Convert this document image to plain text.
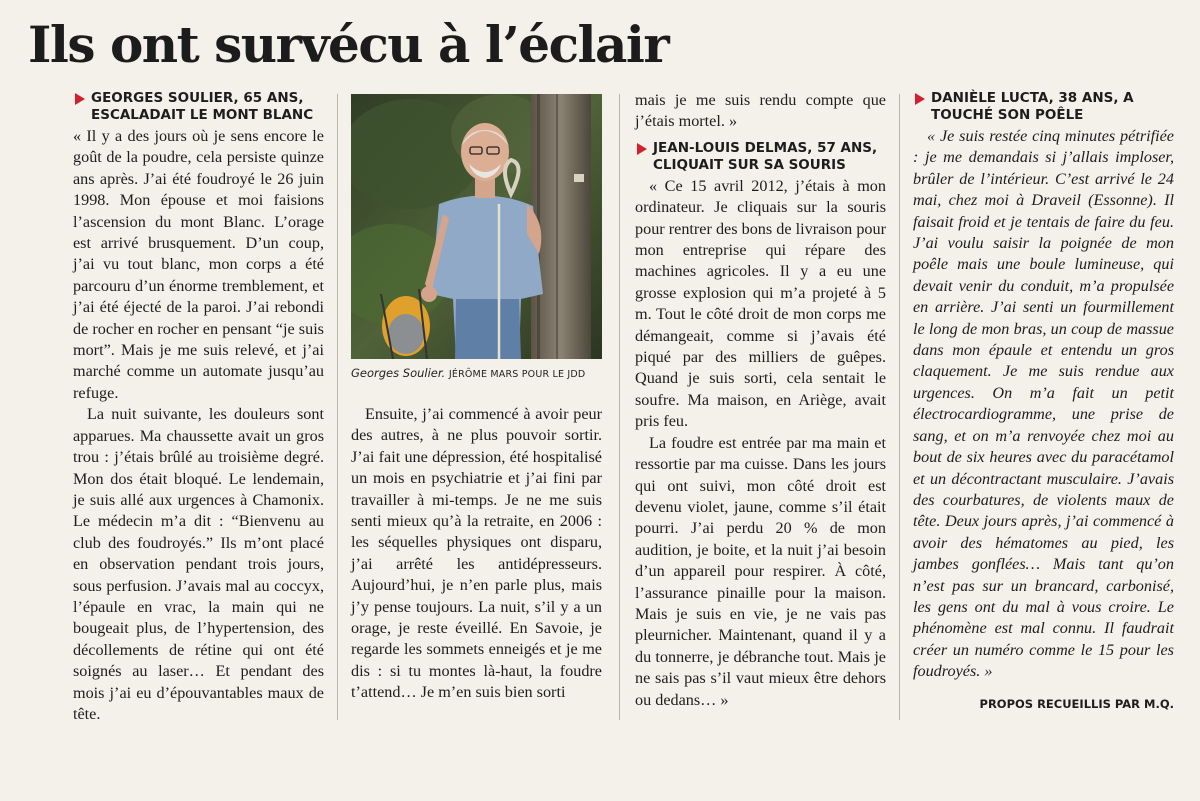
Ils ont survécu à l’éclair
GEORGES SOULIER, 65 ANS, ESCALADAIT LE MONT BLANC

« Il y a des jours où je sens encore le goût de la poudre, cela persiste quinze ans après. J’ai été foudroyé le 26 juin 1998. Mon épouse et moi faisions l’ascension du mont Blanc. L’orage est arrivé brusquement. D’un coup, j’ai vu tout blanc, mon corps a été parcouru d’un énorme tremblement, et j’ai été éjecté de la paroi. J’ai rebondi de rocher en rocher en pensant “je suis mort”. Mais je me suis relevé, et j’ai marché comme un automate jusqu’au refuge.

La nuit suivante, les douleurs sont apparues. Ma chaussette avait un gros trou : j’étais brûlé au troisième degré. Mon dos était bloqué. Le lendemain, je suis allé aux urgences à Chamonix. Le médecin m’a dit : “Bienvenu au club des foudroyés.” Ils m’ont placé en observation pendant trois jours, sous perfusion. J’avais mal au coccyx, l’épaule en vrac, la main qui ne bougeait plus, de l’hypertension, des décollements de rétine qui ont été soignés au laser… Et pendant des mois j’ai eu d’épouvantables maux de tête.

Georges Soulier. JÉRÔME MARS POUR LE JDD

Ensuite, j’ai commencé à avoir peur des autres, à ne plus pouvoir sortir. J’ai fait une dépression, été hospitalisé un mois en psychiatrie et j’ai fini par travailler à mi-temps. Je ne me suis senti mieux qu’à la retraite, en 2006 : les séquelles physiques ont disparu, j’ai arrêté les antidépresseurs. Aujourd’hui, je n’en parle plus, mais j’y pense toujours. La nuit, s’il y a un orage, je reste éveillé. En Savoie, je regarde les sommets enneigés et je me dis : si tu montes là-haut, la foudre t’attend… Je m’en suis bien sorti

mais je me suis rendu compte que j’étais mortel. »

JEAN-LOUIS DELMAS, 57 ANS, CLIQUAIT SUR SA SOURIS

« Ce 15 avril 2012, j’étais à mon ordinateur. Je cliquais sur la souris pour rentrer des bons de livraison pour mon entreprise qui répare des machines agricoles. Il y a eu une grosse explosion qui m’a projeté à 5 m. Tout le côté droit de mon corps me démangeait, comme si j’avais été piqué par des milliers de guêpes. Quand je suis sorti, cela sentait le soufre. Ma maison, en Ariège, avait pris feu.

La foudre est entrée par ma main et ressortie par ma cuisse. Dans les jours qui ont suivi, mon côté droit est devenu violet, jaune, comme s’il était pourri. J’ai perdu 20 % de mon audition, je boite, et la nuit j’ai besoin d’un appareil pour respirer. À côté, l’assurance pinaille pour la maison. Mais je suis en vie, je ne vais pas pleurnicher. Maintenant, quand il y a du tonnerre, je débranche tout. Mais je ne sais pas s’il vaut mieux être dehors ou dedans… »

DANIÈLE LUCTA, 38 ANS, A TOUCHÉ SON POÊLE

« Je suis restée cinq minutes pétrifiée : je me demandais si j’allais imploser, brûler de l’intérieur. C’est arrivé le 24 mai, chez moi à Draveil (Essonne). Il faisait froid et je tentais de faire du feu. J’ai voulu saisir la poignée de mon poêle mais une boule lumineuse, qui devait venir du conduit, m’a propulsée en arrière. J’ai senti un fourmillement le long de mon bras, un coup de massue dans mon épaule et entendu un gros claquement. Je me suis rendue aux urgences. On m’a fait un petit électrocardiogramme, une prise de sang, et on m’a renvoyée chez moi au bout de six heures avec du paracétamol et un décontractant musculaire. J’avais des courbatures, de violents maux de tête. Deux jours après, j’ai commencé à avoir des hématomes au pied, les jambes gonflées… Mais tant qu’on n’est pas sur un brancard, carbonisé, les gens ont du mal à vous croire. Le phénomène est mal connu. Il faudrait créer un numéro comme le 15 pour les foudroyés. »

PROPOS RECUEILLIS PAR M.Q.
